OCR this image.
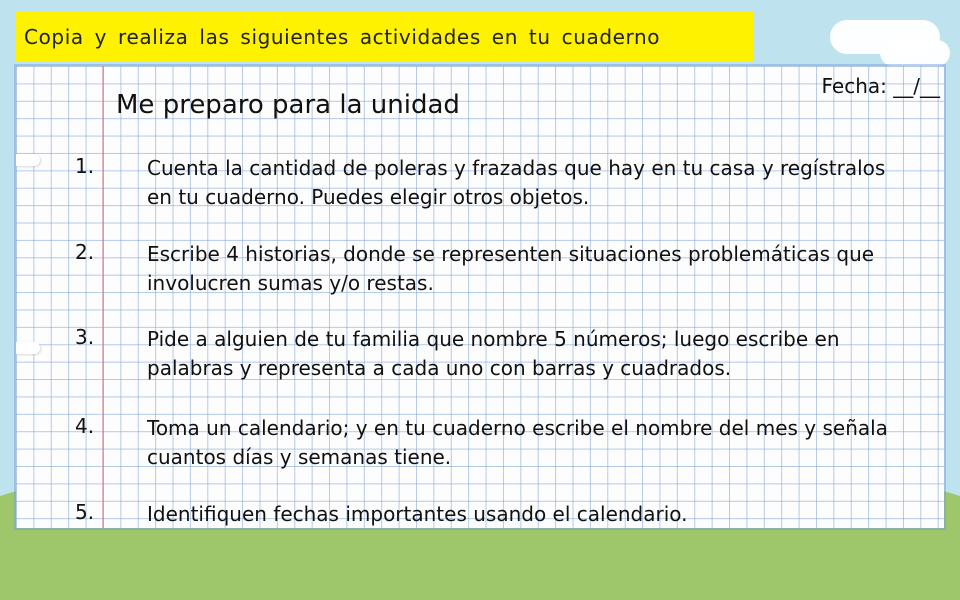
Copia y realiza las siguientes actividades en tu cuaderno
Me preparo para la unidad
Fecha: __/__
1.	Cuenta la cantidad de poleras y frazadas que hay en tu casa y regístralos en tu cuaderno. Puedes elegir otros objetos.
2.	Escribe 4 historias, donde se representen situaciones problemáticas que involucren sumas y/o restas.
3.	Pide a alguien de tu familia que nombre 5 números; luego escribe en palabras y representa a cada uno con barras y cuadrados.
4.	Toma un calendario; y en tu cuaderno escribe el nombre del mes y señala cuantos días y semanas tiene.
5.	Identifiquen fechas importantes usando el calendario.
